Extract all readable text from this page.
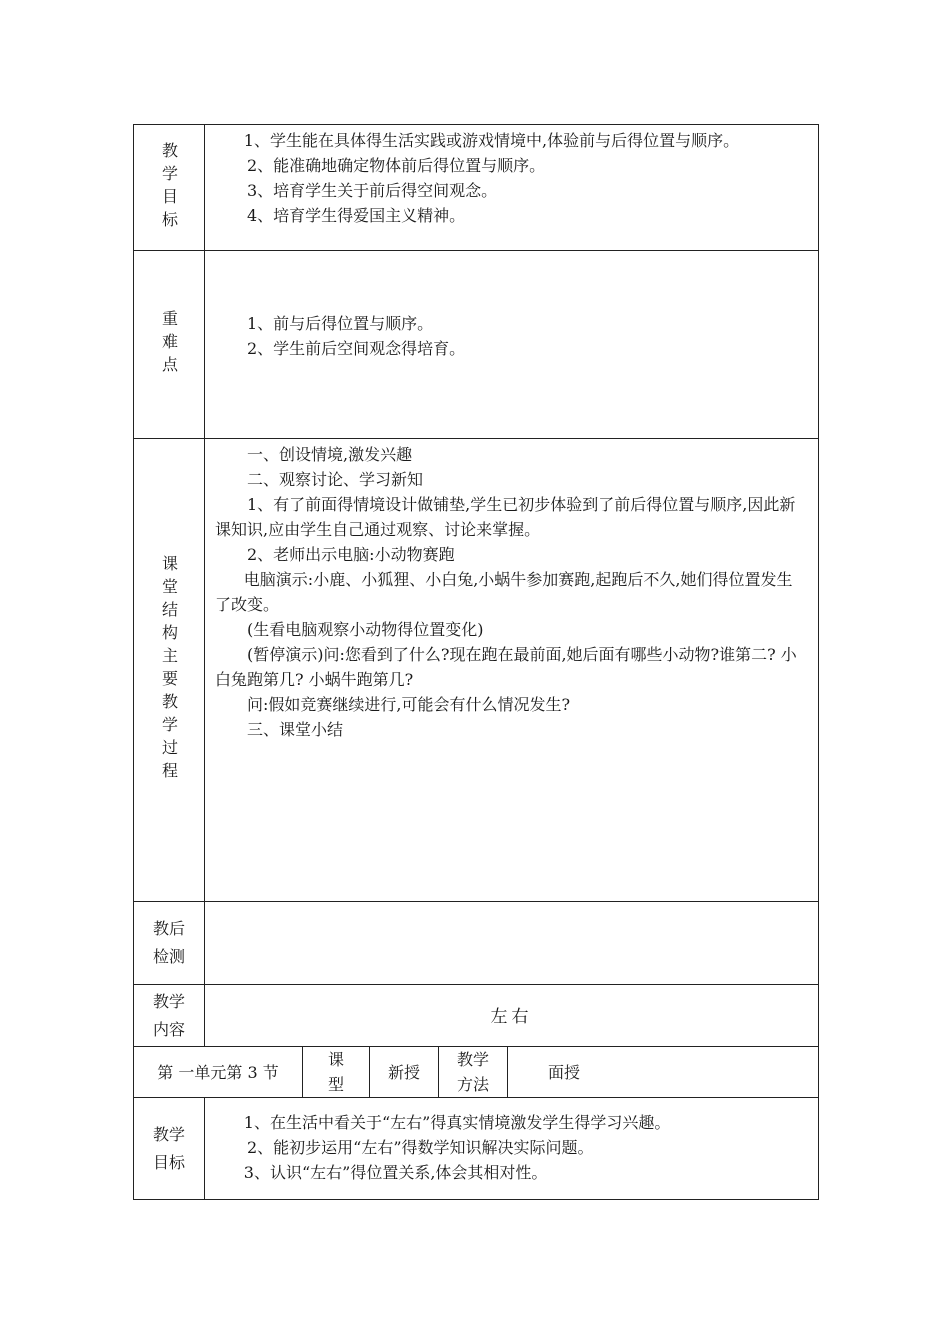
教学目标

1、学生能在具体得生活实践或游戏情境中,体验前与后得位置与顺序。

2、能准确地确定物体前后得位置与顺序。

3、培育学生关于前后得空间观念。

4、培育学生得爱国主义精神。

重难点	1、前与后得位置与顺序。

2、学生前后空间观念得培育。

课堂结构主要教学过程

一、创设情境,激发兴趣

二、观察讨论、学习新知

1、有了前面得情境设计做铺垫,学生已初步体验到了前后得位置与顺序,因此新课知识,应由学生自己通过观察、讨论来掌握。

2、老师出示电脑:小动物赛跑

电脑演示:小鹿、小狐狸、小白兔,小蜗牛参加赛跑,起跑后不久,她们得位置发生了改变。

(生看电脑观察小动物得位置变化)

(暂停演示)问:您看到了什么?现在跑在最前面,她后面有哪些小动物?谁第二? 小白兔跑第几? 小蜗牛跑第几?

问:假如竞赛继续进行,可能会有什么情况发生?

三、课堂小结

教后
检测
教学
内容
左右
第 一单元第 3 节
课
型
新授
教学
方法
面授
教学
目标

1、在生活中看关于“左右”得真实情境激发学生得学习兴趣。

2、能初步运用“左右”得数学知识解决实际问题。

3、认识“左右”得位置关系,体会其相对性。
